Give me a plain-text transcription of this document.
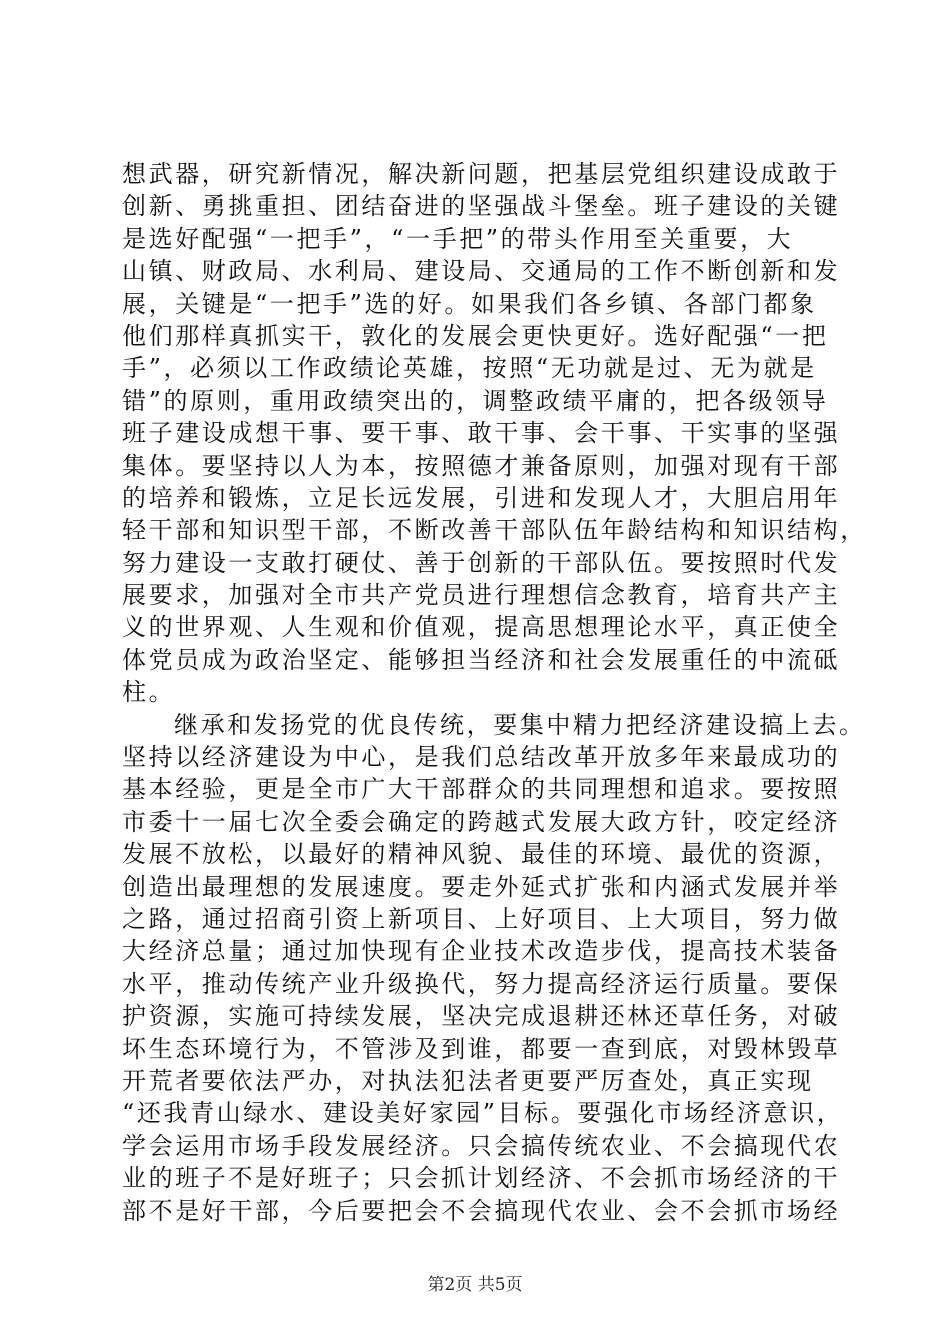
想武器，研究新情况，解决新问题，把基层党组织建设成敢于
创新、勇挑重担、团结奋进的坚强战斗堡垒。班子建设的关键
是选好配强“一把手”，“一手把”的带头作用至关重要，大
山镇、财政局、水利局、建设局、交通局的工作不断创新和发
展，关键是“一把手”选的好。如果我们各乡镇、各部门都象
他们那样真抓实干，敦化的发展会更快更好。选好配强“一把
手”，必须以工作政绩论英雄，按照“无功就是过、无为就是
错”的原则，重用政绩突出的，调整政绩平庸的，把各级领导
班子建设成想干事、要干事、敢干事、会干事、干实事的坚强
集体。要坚持以人为本，按照德才兼备原则，加强对现有干部
的培养和锻炼，立足长远发展，引进和发现人才，大胆启用年
轻干部和知识型干部，不断改善干部队伍年龄结构和知识结构，
努力建设一支敢打硬仗、善于创新的干部队伍。要按照时代发
展要求，加强对全市共产党员进行理想信念教育，培育共产主
义的世界观、人生观和价值观，提高思想理论水平，真正使全
体党员成为政治坚定、能够担当经济和社会发展重任的中流砥
柱。
继承和发扬党的优良传统，要集中精力把经济建设搞上去。
坚持以经济建设为中心，是我们总结改革开放多年来最成功的
基本经验，更是全市广大干部群众的共同理想和追求。要按照
市委十一届七次全委会确定的跨越式发展大政方针，咬定经济
发展不放松，以最好的精神风貌、最佳的环境、最优的资源，
创造出最理想的发展速度。要走外延式扩张和内涵式发展并举
之路，通过招商引资上新项目、上好项目、上大项目，努力做
大经济总量；通过加快现有企业技术改造步伐，提高技术装备
水平，推动传统产业升级换代，努力提高经济运行质量。要保
护资源，实施可持续发展，坚决完成退耕还林还草任务，对破
坏生态环境行为，不管涉及到谁，都要一查到底，对毁林毁草
开荒者要依法严办，对执法犯法者更要严厉查处，真正实现
“还我青山绿水、建设美好家园”目标。要强化市场经济意识，
学会运用市场手段发展经济。只会搞传统农业、不会搞现代农
业的班子不是好班子；只会抓计划经济、不会抓市场经济的干
部不是好干部，今后要把会不会搞现代农业、会不会抓市场经
第2页 共5页
